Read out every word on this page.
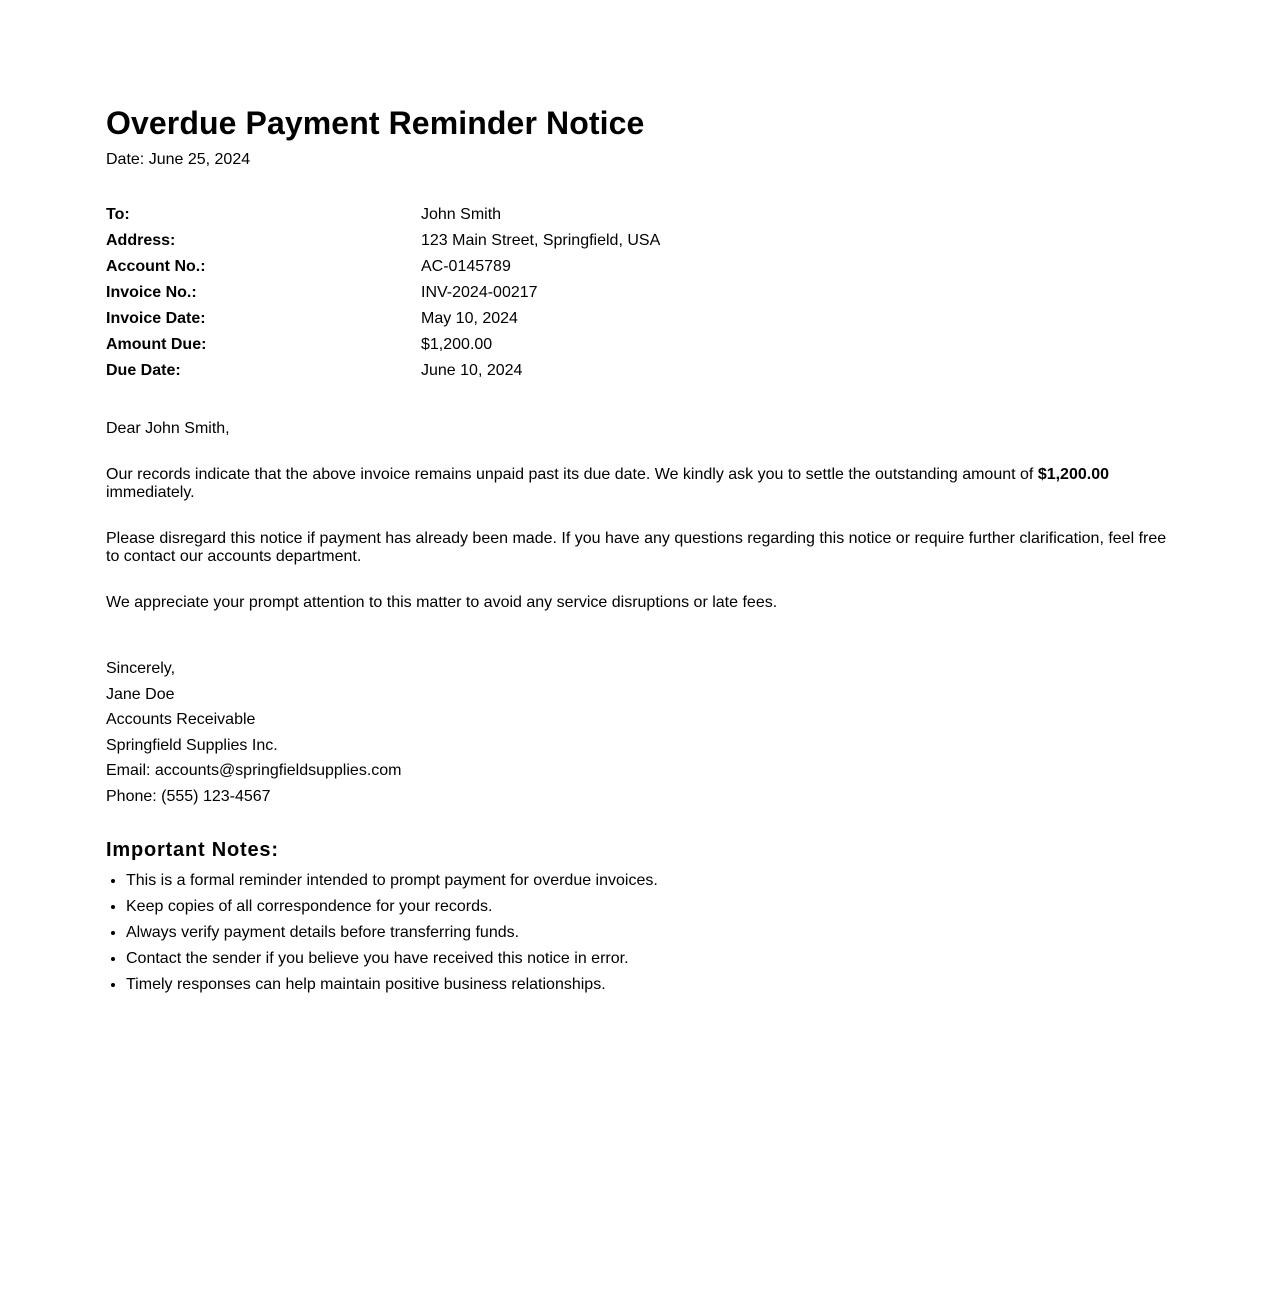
Overdue Payment Reminder Notice
Date: June 25, 2024
To:	John Smith
Address:	123 Main Street, Springfield, USA
Account No.:	AC-0145789
Invoice No.:	INV-2024-00217
Invoice Date:	May 10, 2024
Amount Due:	$1,200.00
Due Date:	June 10, 2024

Dear John Smith,

Our records indicate that the above invoice remains unpaid past its due date. We kindly ask you to settle the outstanding amount of $1,200.00 immediately.

Please disregard this notice if payment has already been made. If you have any questions regarding this notice or require further clarification, feel free to contact our accounts department.

We appreciate your prompt attention to this matter to avoid any service disruptions or late fees.

Sincerely,
Jane Doe
Accounts Receivable
Springfield Supplies Inc.
Email: accounts@springfieldsupplies.com
Phone: (555) 123-4567
Important Notes:
• This is a formal reminder intended to prompt payment for overdue invoices.
• Keep copies of all correspondence for your records.
• Always verify payment details before transferring funds.
• Contact the sender if you believe you have received this notice in error.
• Timely responses can help maintain positive business relationships.
